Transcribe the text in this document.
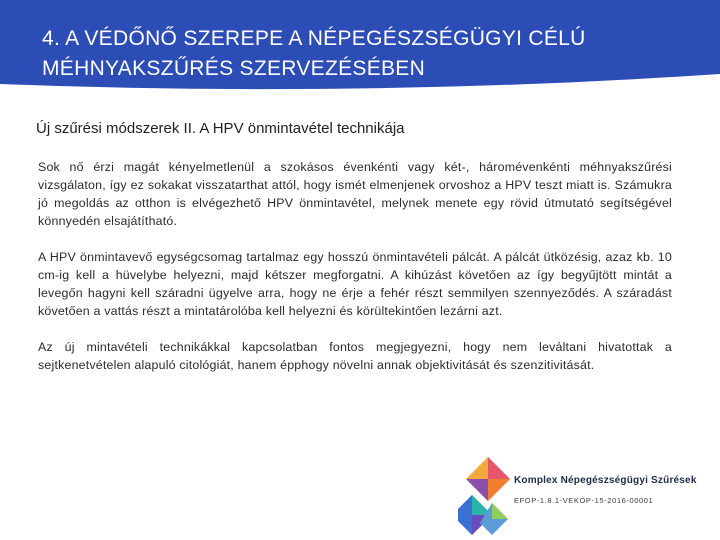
4. A VÉDŐNŐ SZEREPE A NÉPEGÉSZSÉGÜGYI CÉLÚ
MÉHNYAKSZŰRÉS SZERVEZÉSÉBEN
Új szűrési módszerek II. A HPV önmintavétel technikája

Sok nő érzi magát kényelmetlenül a szokásos évenkénti vagy két-, háromévenkénti méhnyakszűrési vizsgálaton, így ez sokakat visszatarthat attól, hogy ismét elmenjenek orvoshoz a HPV teszt miatt is. Számukra jó megoldás az otthon is elvégezhető HPV önmintavétel, melynek menete egy rövid útmutató segítségével könnyedén elsajátítható.

A HPV önmintavevő egységcsomag tartalmaz egy hosszú önmintavételi pálcát. A pálcát ütközésig, azaz kb. 10 cm-ig kell a hüvelybe helyezni, majd kétszer megforgatni. A kihúzást követően az így begyűjtött mintát a levegőn hagyni kell száradni ügyelve arra, hogy ne érje a fehér részt semmilyen szennyeződés. A száradást követően a vattás részt a mintatárolóba kell helyezni és körültekintően lezárni azt.

Az új mintavételi technikákkal kapcsolatban fontos megjegyezni, hogy nem leváltani hivatottak a sejtkenetvételen alapuló citológiát, hanem épphogy növelni annak objektivitását és szenzitivitását.

Komplex Népegészségügyi Szűrések
EFOP-1.8.1-VEKOP-15-2016-00001
